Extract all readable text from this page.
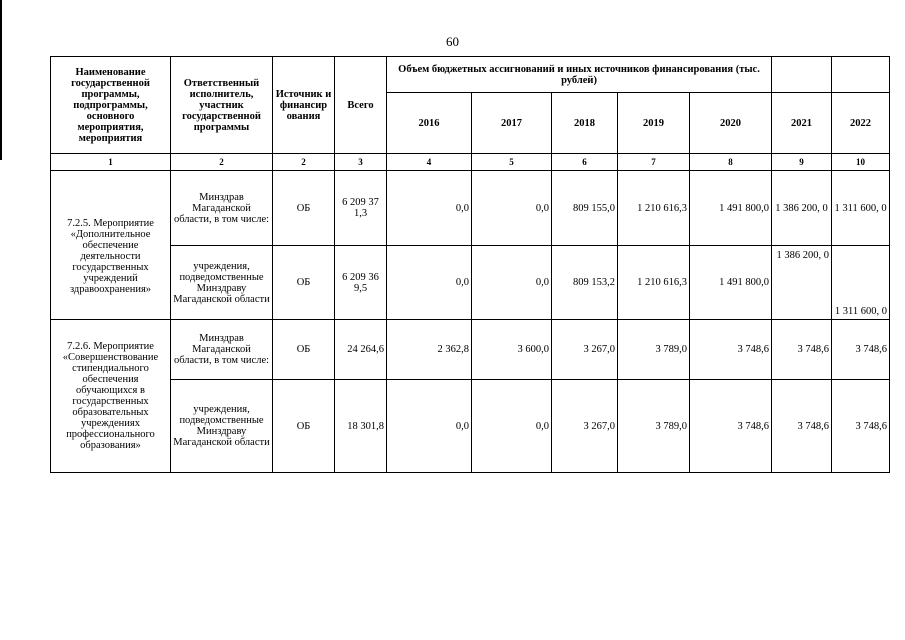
60
Наименование государственной программы, подпрограммы, основного мероприятия, мероприятия	Ответственный исполнитель, участник государственной программы	Источник и финансир ования	Всего	Объем бюджетных ассигнований и иных источников финансирования (тыс. рублей)						
				2016	2017	2018	2019	2020	2021	2022
1	2	2	3	4	5	6	7	8	9	10
7.2.5. Мероприятие «Дополнительное обеспечение деятельности государственных учреждений здравоохранения»	Минздрав Магаданской области, в том числе:	ОБ	6 209 37 1,3	0,0	0,0	809 155,0	1 210 616,3	1 491 800,0	1 386 200, 0	1 311 600, 0
	учреждения, подведомственные Минздраву Магаданской области	ОБ	6 209 36 9,5	0,0	0,0	809 153,2	1 210 616,3	1 491 800,0	1 386 200, 0	1 311 600, 0
7.2.6. Мероприятие «Совершенствование стипендиального обеспечения обучающихся в государственных образовательных учреждениях профессионального образования»	Минздрав Магаданской области, в том числе:	ОБ	24 264,6	2 362,8	3 600,0	3 267,0	3 789,0	3 748,6	3 748,6	3 748,6
	учреждения, подведомственные Минздраву Магаданской области	ОБ	18 301,8	0,0	0,0	3 267,0	3 789,0	3 748,6	3 748,6	3 748,6
